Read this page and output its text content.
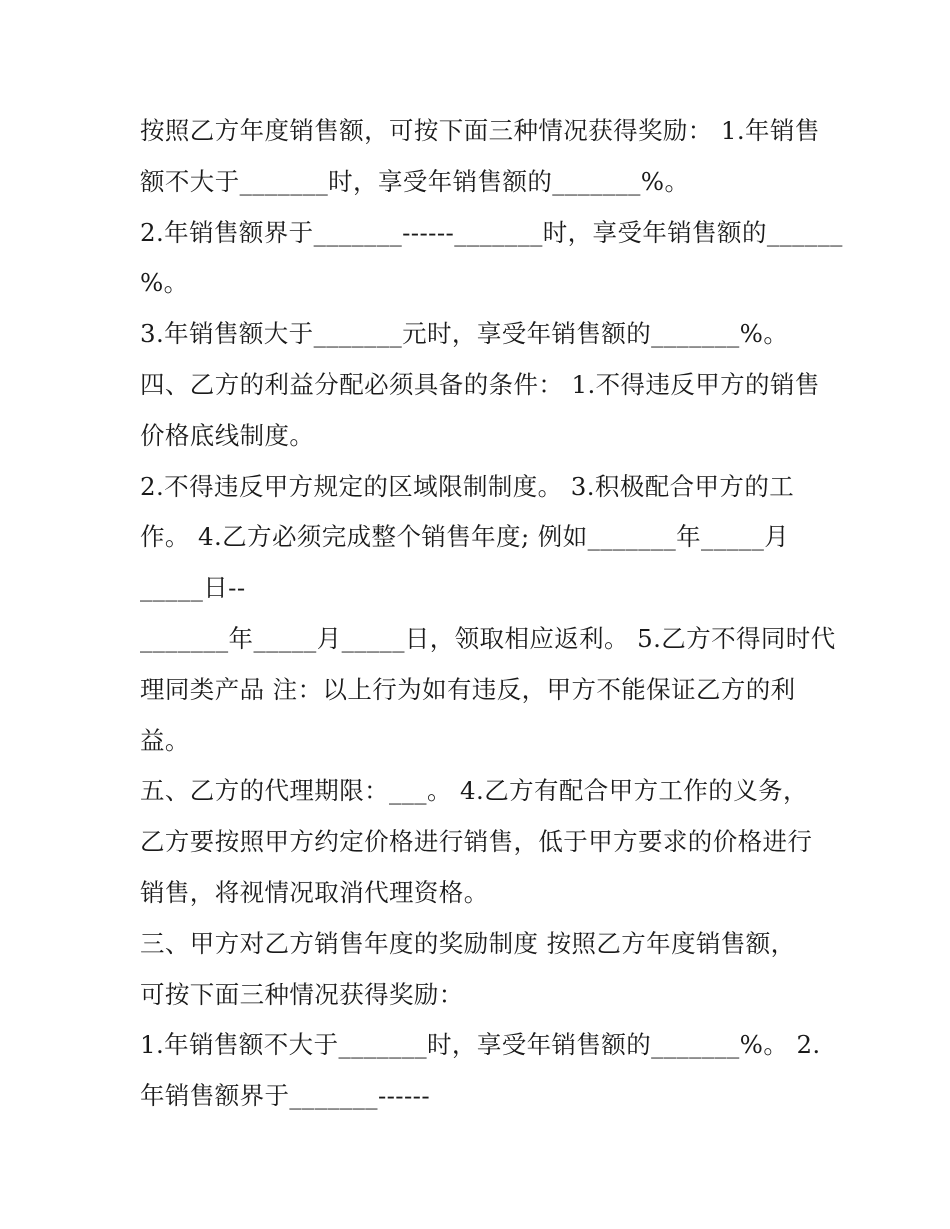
按照乙方年度销售额，可按下面三种情况获得奖励： 1.年销售
额不大于_______时，享受年销售额的_______%。
2.年销售额界于_______------_______时，享受年销售额的______
%。
3.年销售额大于_______元时，享受年销售额的_______%。
四、乙方的利益分配必须具备的条件： 1.不得违反甲方的销售
价格底线制度。
2.不得违反甲方规定的区域限制制度。 3.积极配合甲方的工
作。 4.乙方必须完成整个销售年度; 例如_______年_____月
_____日--
_______年_____月_____日，领取相应返利。 5.乙方不得同时代
理同类产品 注：以上行为如有违反，甲方不能保证乙方的利
益。
五、乙方的代理期限：___。 4.乙方有配合甲方工作的义务，
乙方要按照甲方约定价格进行销售，低于甲方要求的价格进行
销售，将视情况取消代理资格。
三、甲方对乙方销售年度的奖励制度 按照乙方年度销售额，
可按下面三种情况获得奖励：
1.年销售额不大于_______时，享受年销售额的_______%。 2.
年销售额界于_______------
